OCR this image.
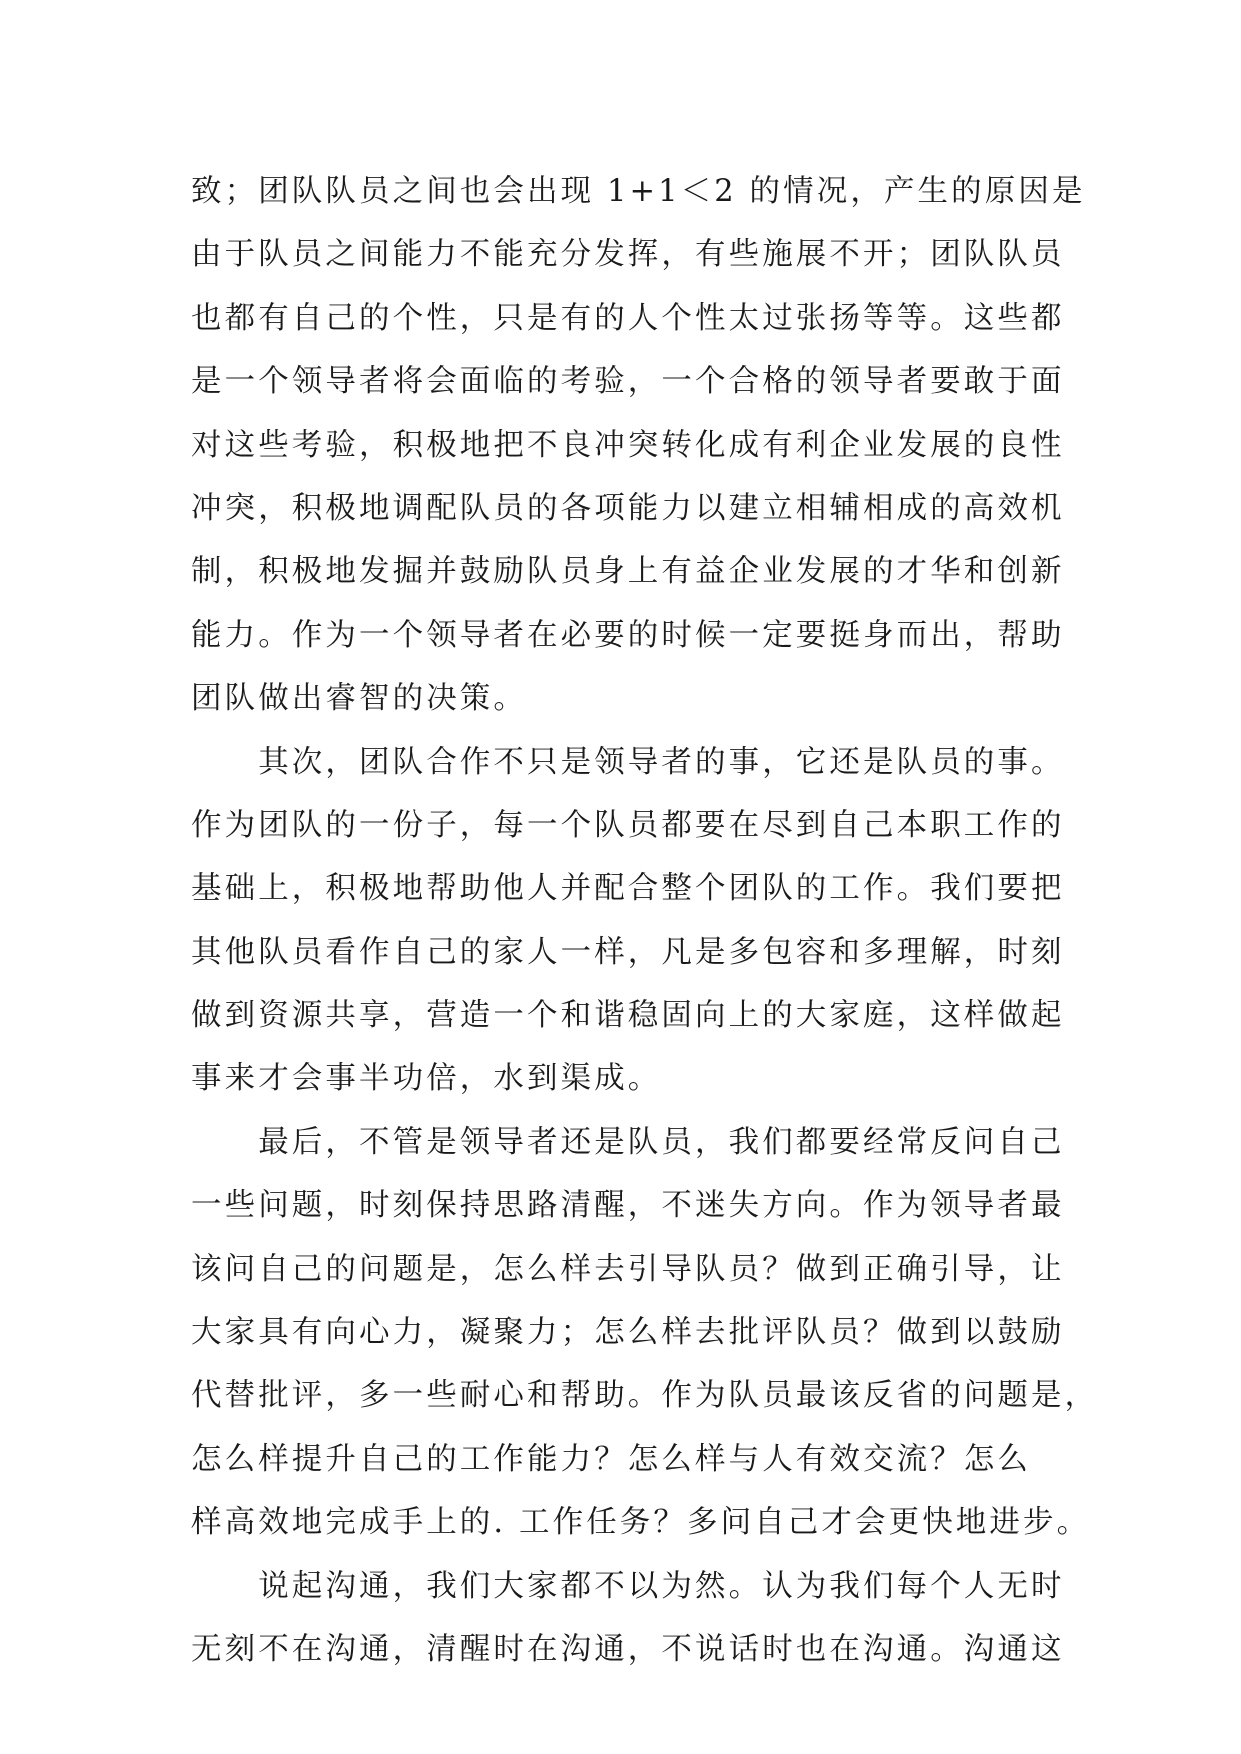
致；团队队员之间也会出现 1+1＜2 的情况，产生的原因是
由于队员之间能力不能充分发挥，有些施展不开；团队队员
也都有自己的个性，只是有的人个性太过张扬等等。这些都
是一个领导者将会面临的考验，一个合格的领导者要敢于面
对这些考验，积极地把不良冲突转化成有利企业发展的良性
冲突，积极地调配队员的各项能力以建立相辅相成的高效机
制，积极地发掘并鼓励队员身上有益企业发展的才华和创新
能力。作为一个领导者在必要的时候一定要挺身而出，帮助
团队做出睿智的决策。
　　其次，团队合作不只是领导者的事，它还是队员的事。
作为团队的一份子，每一个队员都要在尽到自己本职工作的
基础上，积极地帮助他人并配合整个团队的工作。我们要把
其他队员看作自己的家人一样，凡是多包容和多理解，时刻
做到资源共享，营造一个和谐稳固向上的大家庭，这样做起
事来才会事半功倍，水到渠成。
　　最后，不管是领导者还是队员，我们都要经常反问自己
一些问题，时刻保持思路清醒，不迷失方向。作为领导者最
该问自己的问题是，怎么样去引导队员？做到正确引导，让
大家具有向心力，凝聚力；怎么样去批评队员？做到以鼓励
代替批评，多一些耐心和帮助。作为队员最该反省的问题是，
怎么样提升自己的工作能力？怎么样与人有效交流？怎么
样高效地完成手上的. 工作任务？多问自己才会更快地进步。
　　说起沟通，我们大家都不以为然。认为我们每个人无时
无刻不在沟通，清醒时在沟通，不说话时也在沟通。沟通这
